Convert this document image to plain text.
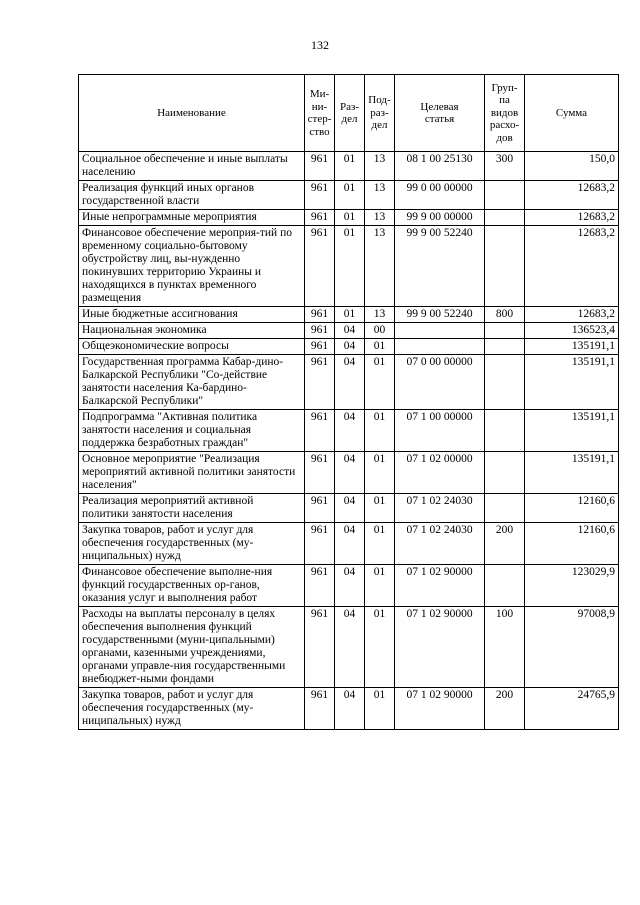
132
Наименование	Ми-
ни-
стер-
ство	Раз-
дел	Под-
раз-
дел	Целевая
статья	Груп-
па
видов
расхо-
дов	Сумма
Социальное обеспечение и иные выплаты населению	961	01	13	08 1 00 25130	300	150,0
Реализация функций иных органов государственной власти	961	01	13	99 0 00 00000		12683,2
Иные непрограммные мероприятия	961	01	13	99 9 00 00000		12683,2
Финансовое обеспечение мероприя-тий по временному социально-бытовому обустройству лиц, вы-нужденно покинувших территорию Украины и находящихся в пунктах временного размещения	961	01	13	99 9 00 52240		12683,2
Иные бюджетные ассигнования	961	01	13	99 9 00 52240	800	12683,2
Национальная экономика	961	04	00			136523,4
Общеэкономические вопросы	961	04	01			135191,1
Государственная программа Кабар-дино-Балкарской Республики "Со-действие занятости населения Ка-бардино-Балкарской Республики"	961	04	01	07 0 00 00000		135191,1
Подпрограмма "Активная политика занятости населения и социальная поддержка безработных граждан"	961	04	01	07 1 00 00000		135191,1
Основное мероприятие "Реализация мероприятий активной политики занятости населения"	961	04	01	07 1 02 00000		135191,1
Реализация мероприятий активной политики занятости населения	961	04	01	07 1 02 24030		12160,6
Закупка товаров, работ и услуг для обеспечения государственных (му-ниципальных) нужд	961	04	01	07 1 02 24030	200	12160,6
Финансовое обеспечение выполне-ния функций государственных ор-ганов, оказания услуг и выполнения работ	961	04	01	07 1 02 90000		123029,9
Расходы на выплаты персоналу в целях обеспечения выполнения функций государственными (муни-ципальными) органами, казенными учреждениями, органами управле-ния государственными внебюджет-ными фондами	961	04	01	07 1 02 90000	100	97008,9
Закупка товаров, работ и услуг для обеспечения государственных (му-ниципальных) нужд	961	04	01	07 1 02 90000	200	24765,9
